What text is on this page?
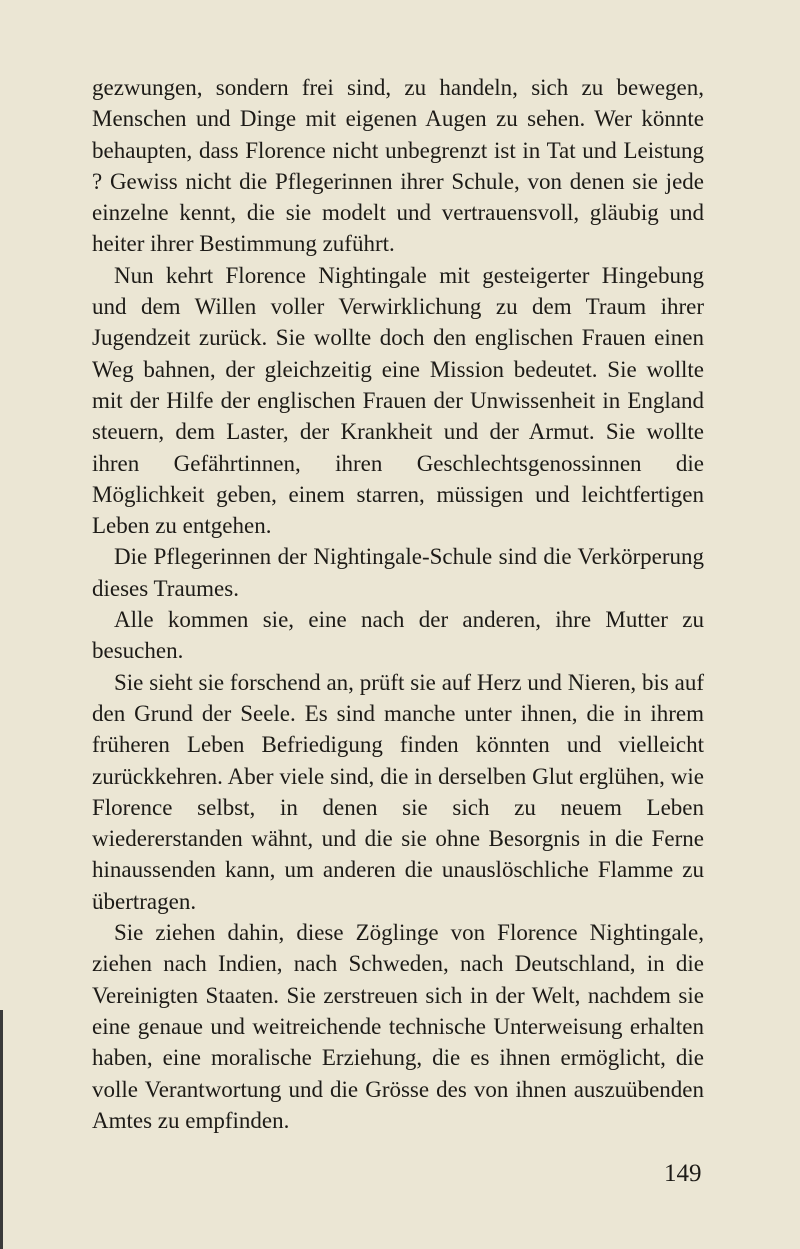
gezwungen, sondern frei sind, zu handeln, sich zu bewegen, Menschen und Dinge mit eigenen Augen zu sehen. Wer könnte behaupten, dass Florence nicht unbegrenzt ist in Tat und Leistung ? Gewiss nicht die Pflegerinnen ihrer Schule, von denen sie jede einzelne kennt, die sie modelt und vertrauensvoll, gläubig und heiter ihrer Bestimmung zuführt.

Nun kehrt Florence Nightingale mit gesteigerter Hingebung und dem Willen voller Verwirklichung zu dem Traum ihrer Jugendzeit zurück. Sie wollte doch den englischen Frauen einen Weg bahnen, der gleichzeitig eine Mission bedeutet. Sie wollte mit der Hilfe der englischen Frauen der Unwissenheit in England steuern, dem Laster, der Krankheit und der Armut. Sie wollte ihren Gefährtinnen, ihren Geschlechtsgenossinnen die Möglichkeit geben, einem starren, müssigen und leichtfertigen Leben zu entgehen.

Die Pflegerinnen der Nightingale-Schule sind die Verkörperung dieses Traumes.

Alle kommen sie, eine nach der anderen, ihre Mutter zu besuchen.

Sie sieht sie forschend an, prüft sie auf Herz und Nieren, bis auf den Grund der Seele. Es sind manche unter ihnen, die in ihrem früheren Leben Befriedigung finden könnten und vielleicht zurückkehren. Aber viele sind, die in derselben Glut erglühen, wie Florence selbst, in denen sie sich zu neuem Leben wiedererstanden wähnt, und die sie ohne Besorgnis in die Ferne hinaussenden kann, um anderen die unauslöschliche Flamme zu übertragen.

Sie ziehen dahin, diese Zöglinge von Florence Nightingale, ziehen nach Indien, nach Schweden, nach Deutschland, in die Vereinigten Staaten. Sie zerstreuen sich in der Welt, nachdem sie eine genaue und weitreichende technische Unterweisung erhalten haben, eine moralische Erziehung, die es ihnen ermöglicht, die volle Verantwortung und die Grösse des von ihnen auszuübenden Amtes zu empfinden.

149
